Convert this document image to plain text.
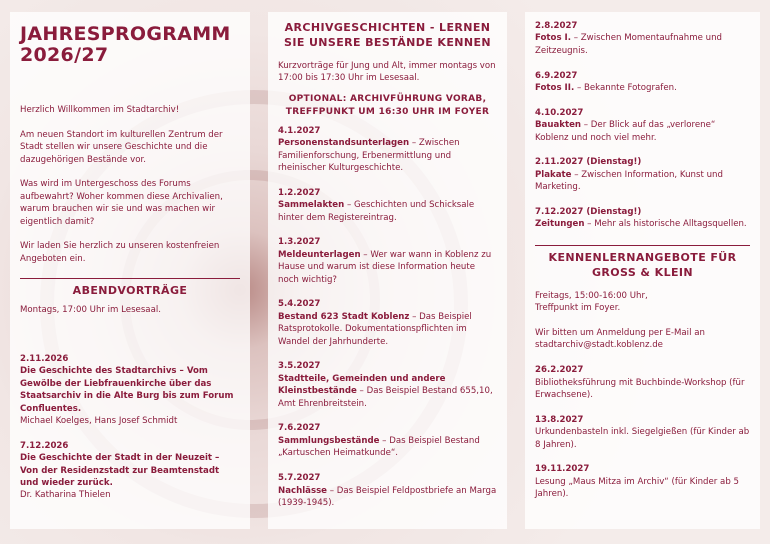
JAHRESPROGRAMM
2026/27
Herzlich Willkommen im Stadtarchiv!
Am neuen Standort im kulturellen Zentrum der Stadt stellen wir unsere Geschichte und die dazugehörigen Bestände vor.
Was wird im Untergeschoss des Forums aufbewahrt? Woher kommen diese Archivalien, warum brauchen wir sie und was machen wir eigentlich damit?
Wir laden Sie herzlich zu unseren kostenfreien Angeboten ein.
ABENDVORTRÄGE
Montags, 17:00 Uhr im Lesesaal.
2.11.2026
Die Geschichte des Stadtarchivs – Vom Gewölbe der Liebfrauenkirche über das Staatsarchiv in die Alte Burg bis zum Forum Confluentes.
Michael Koelges, Hans Josef Schmidt
7.12.2026
Die Geschichte der Stadt in der Neuzeit – Von der Residenzstadt zur Beamtenstadt und wieder zurück.
Dr. Katharina Thielen
ARCHIVGESCHICHTEN - LERNEN SIE UNSERE BESTÄNDE KENNEN
Kurzvorträge für Jung und Alt, immer montags von 17:00 bis 17:30 Uhr im Lesesaal.
OPTIONAL: ARCHIVFÜHRUNG VORAB, TREFFPUNKT UM 16:30 UHR IM FOYER
4.1.2027
Personenstandsunterlagen – Zwischen Familienforschung, Erbenermittlung und rheinischer Kulturgeschichte.
1.2.2027
Sammelakten – Geschichten und Schicksale hinter dem Registereintrag.
1.3.2027
Meldeunterlagen – Wer war wann in Koblenz zu Hause und warum ist diese Information heute noch wichtig?
5.4.2027
Bestand 623 Stadt Koblenz – Das Beispiel Ratsprotokolle. Dokumentationspflichten im Wandel der Jahrhunderte.
3.5.2027
Stadtteile, Gemeinden und andere Kleinstbestände – Das Beispiel Bestand 655,10, Amt Ehrenbreitstein.
7.6.2027
Sammlungsbestände – Das Beispiel Bestand „Kartuschen Heimatkunde“.
5.7.2027
Nachlässe – Das Beispiel Feldpostbriefe an Marga (1939-1945).
2.8.2027
Fotos I. – Zwischen Momentaufnahme und Zeitzeugnis.
6.9.2027
Fotos II. – Bekannte Fotografen.
4.10.2027
Bauakten – Der Blick auf das „verlorene“ Koblenz und noch viel mehr.
2.11.2027 (Dienstag!)
Plakate – Zwischen Information, Kunst und Marketing.
7.12.2027 (Dienstag!)
Zeitungen – Mehr als historische Alltagsquellen.
KENNENLERNANGEBOTE FÜR GROSS & KLEIN
Freitags, 15:00-16:00 Uhr,
Treffpunkt im Foyer.
Wir bitten um Anmeldung per E-Mail an stadtarchiv@stadt.koblenz.de
26.2.2027
Bibliotheksführung mit Buchbinde-Workshop (für Erwachsene).
13.8.2027
Urkundenbasteln inkl. Siegelgießen (für Kinder ab 8 Jahren).
19.11.2027
Lesung „Maus Mitza im Archiv“ (für Kinder ab 5 Jahren).
